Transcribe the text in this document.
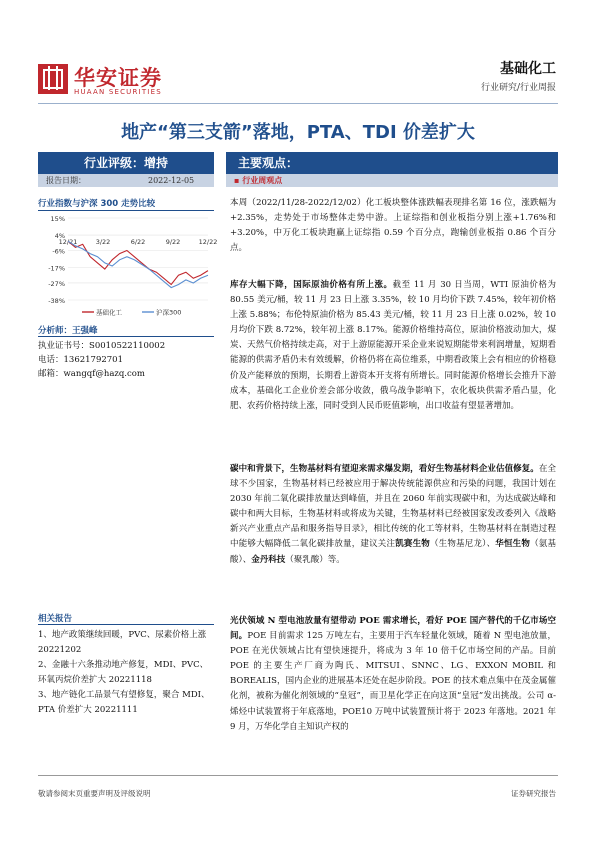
华安证券
HUAAN SECURITIES
基础化工
行业研究/行业周报
地产“第三支箭”落地，PTA、TDI 价差扩大
行业评级：增持
报告日期：	2022-12-05
行业指数与沪深 300 走势比较
15%
4%
-6%
-17%
-27%
-38%
12/21	3/22	6/22	9/22	12/22
基础化工	沪深300
分析师：王强峰
执业证书号：S0010522110002
电话：13621792701
邮箱：wangqf@hazq.com
相关报告
1、地产政策继续回暖，PVC、尿素价格上涨 20221202
2、金融十六条推动地产修复，MDI、PVC、环氧丙烷价差扩大 20221118
3、地产链化工品景气有望修复，聚合 MDI、PTA 价差扩大 20221111
主要观点：
▪ 行业周观点

本周（2022/11/28-2022/12/02）化工板块整体涨跌幅表现排名第 16 位，涨跌幅为+2.35%，走势处于市场整体走势中游。上证综指和创业板指分别上涨+1.76%和+3.20%，中万化工板块跑赢上证综指 0.59 个百分点，跑输创业板指 0.86 个百分点。

库存大幅下降，国际原油价格有所上涨。截至 11 月 30 日当周，WTI 原油价格为 80.55 美元/桶，较 11 月 23 日上涨 3.35%，较 10 月均价下跌 7.45%，较年初价格上涨 5.88%；布伦特原油价格为 85.43 美元/桶，较 11 月 23 日上涨 0.02%，较 10 月均价下跌 8.72%，较年初上涨 8.17%。能源价格维持高位，原油价格波动加大，煤炭、天然气价格持续走高，对于上游原能源开采企业来说短期能带来利润增量，短期看能源的供需矛盾仍未有效缓解，价格仍将在高位维系，中期看政策上会有相应的价格稳价及产能释放的预期，长期看上游资本开支将有所增长。同时能源价格增长会推升下游成本，基础化工企业价差会部分收敛，俄乌战争影响下，农化板块供需矛盾凸显，化肥、农药价格持续上涨，同时受到人民币贬值影响，出口收益有望显著增加。

碳中和背景下，生物基材料有望迎来需求爆发期，看好生物基材料企业估值修复。在全球不少国家，生物基材料已经被应用于解决传统能源供应和污染的问题，我国计划在 2030 年前二氧化碳排放量达到峰值，并且在 2060 年前实现碳中和，为达成碳达峰和碳中和两大目标，生物基材料或将成为关键，生物基材料已经被国家发改委列入《战略新兴产业重点产品和服务指导目录》，相比传统的化工等材料，生物基材料在制造过程中能够大幅降低二氧化碳排放量，建议关注凯赛生物（生物基尼龙）、华恒生物（氨基酸）、金丹科技（聚乳酸）等。

光伏领域 N 型电池放量有望带动 POE 需求增长，看好 POE 国产替代的千亿市场空间。POE 目前需求 125 万吨左右，主要用于汽车轻量化领域，随着 N 型电池放量，POE 在光伏领域占比有望快速提升，将成为 3 年 10 倍千亿市场空间的产品。目前 POE 的主要生产厂商为陶氏、MITSUI、SNNC、LG、EXXON MOBIL 和 BOREALIS，国内企业的进展基本还处在起步阶段。POE 的技术难点集中在茂金属催化剂，被称为催化剂领域的“皇冠”，而卫星化学正在向这顶“皇冠”发出挑战。公司 α-烯烃中试装置将于年底落地，POE10 万吨中试装置预计将于 2023 年落地。2021 年 9 月，万华化学自主知识产权的

敬请参阅末页重要声明及评级说明	证券研究报告
